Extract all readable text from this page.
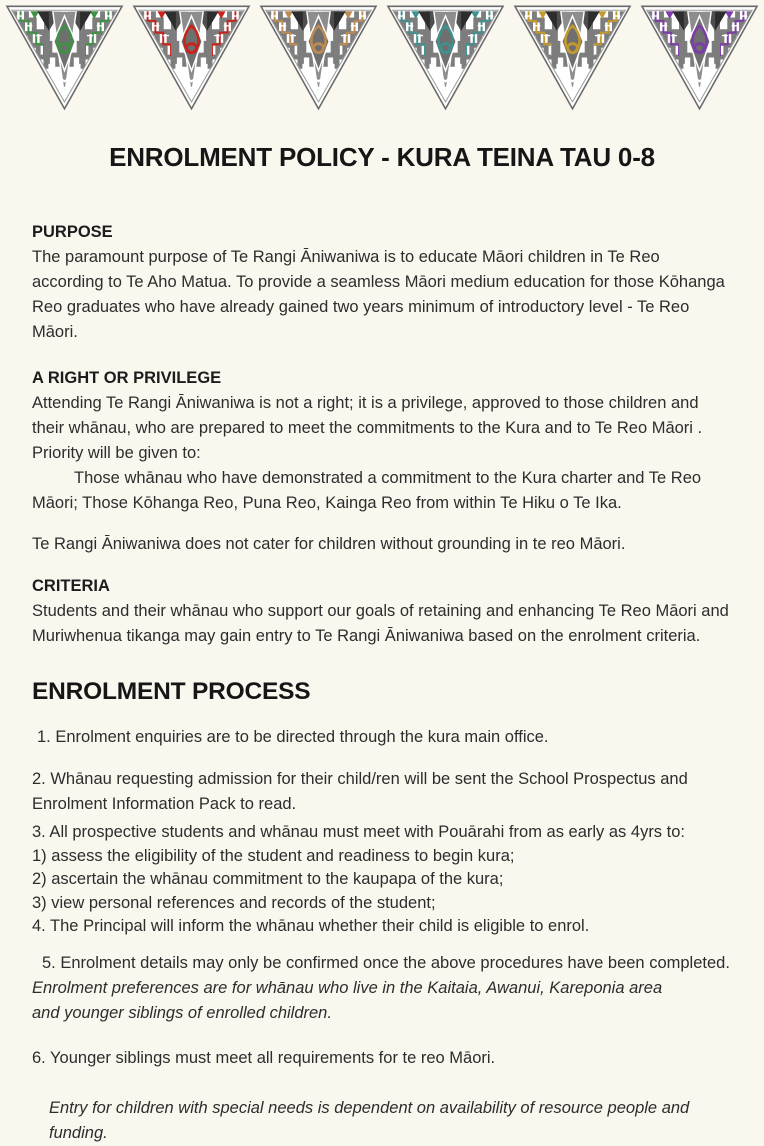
ENROLMENT POLICY - KURA TEINA TAU 0-8

PURPOSE

The paramount purpose of Te Rangi Āniwaniwa is to educate Māori children in Te Reo according to Te Aho Matua. To provide a seamless Māori medium education for those Kōhanga Reo graduates who have already gained two years minimum of introductory level - Te Reo Māori.

A RIGHT OR PRIVILEGE

Attending Te Rangi Āniwaniwa is not a right; it is a privilege, approved to those children and their whānau, who are prepared to meet the commitments to the Kura and to Te Reo Māori . Priority will be given to:

Those whānau who have demonstrated a commitment to the Kura charter and Te Reo Māori; Those Kōhanga Reo, Puna Reo, Kainga Reo from within Te Hiku o Te Ika.

Te Rangi Āniwaniwa does not cater for children without grounding in te reo Māori.

CRITERIA

Students and their whānau who support our goals of retaining and enhancing Te Reo Māori and Muriwhenua tikanga may gain entry to Te Rangi Āniwaniwa based on the enrolment criteria.

ENROLMENT PROCESS

1. Enrolment enquiries are to be directed through the kura main office.

2. Whānau requesting admission for their child/ren will be sent the School Prospectus and Enrolment Information Pack to read.

3. All prospective students and whānau must meet with Pouārahi from as early as 4yrs to:

1) assess the eligibility of the student and readiness to begin kura;

2) ascertain the whānau commitment to the kaupapa of the kura;

3) view personal references and records of the student;

4. The Principal will inform the whānau whether their child is eligible to enrol.

5. Enrolment details may only be confirmed once the above procedures have been completed.

Enrolment preferences are for whānau who live in the Kaitaia, Awanui, Kareponia area and younger siblings of enrolled children.

6. Younger siblings must meet all requirements for te reo Māori.

Entry for children with special needs is dependent on availability of resource people and funding.
